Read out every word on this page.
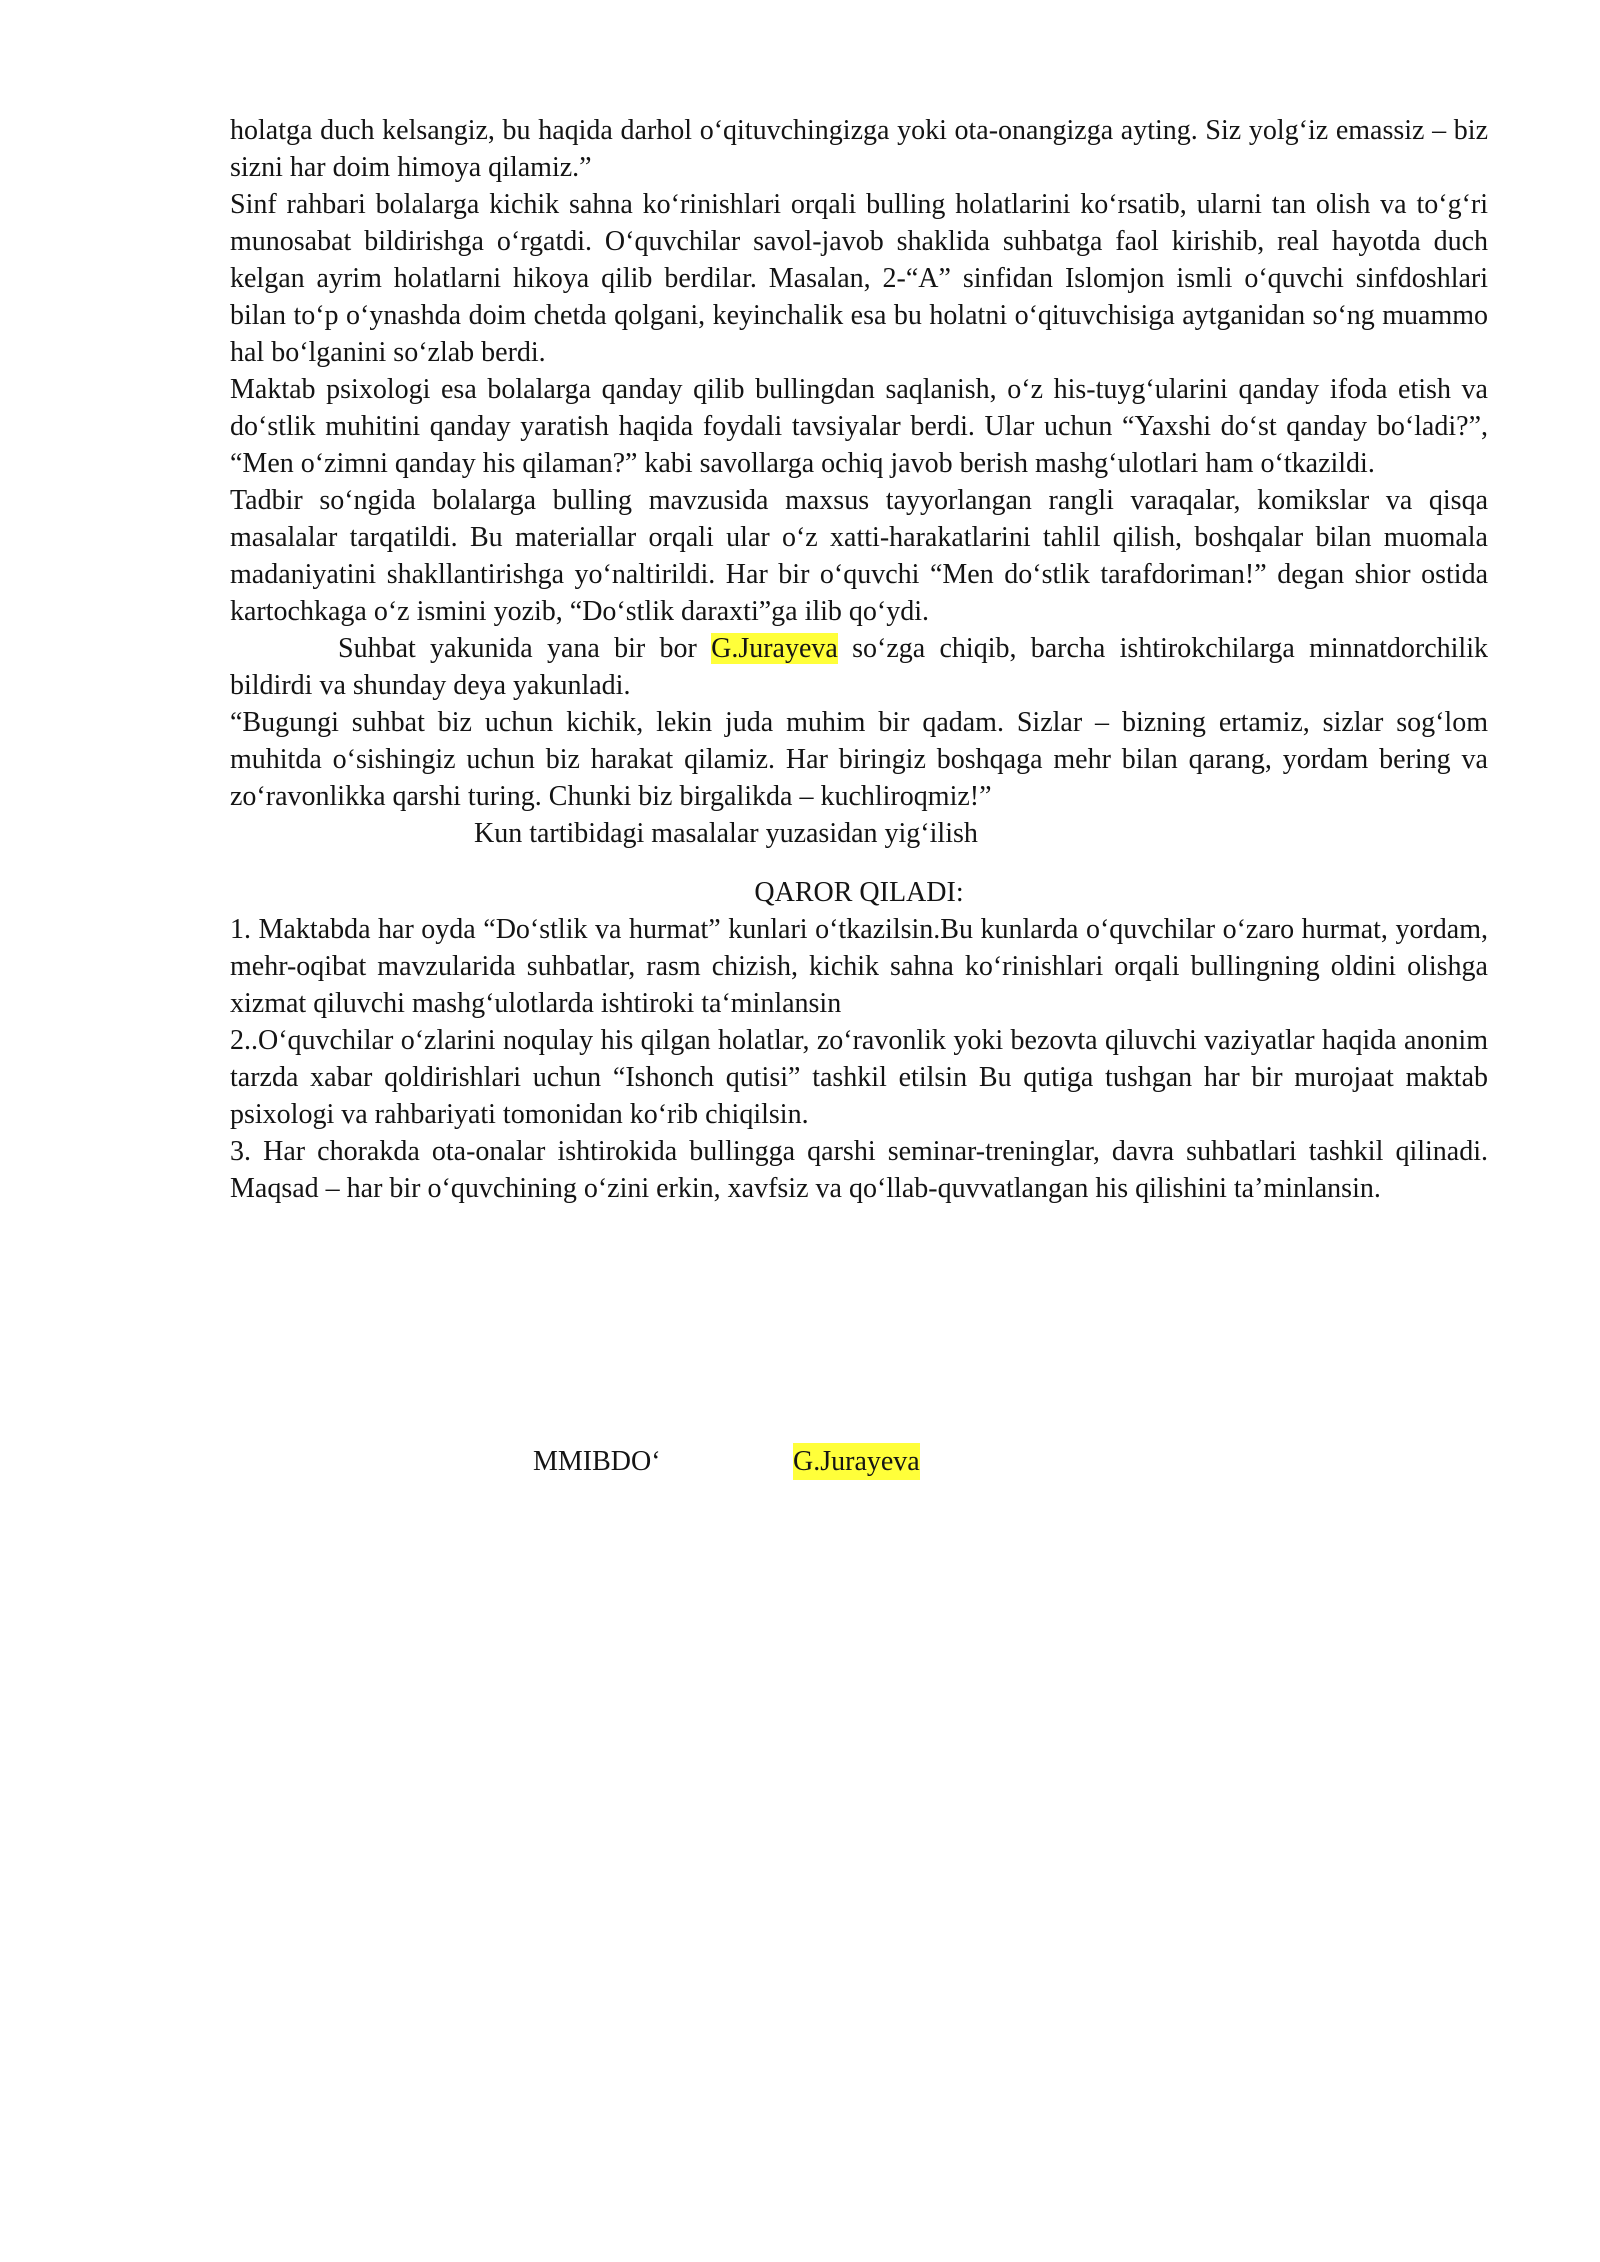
holatga duch kelsangiz, bu haqida darhol o‘qituvchingizga yoki ota-onangizga ayting. Siz yolg‘iz emassiz – biz sizni har doim himoya qilamiz.”

Sinf rahbari bolalarga kichik sahna ko‘rinishlari orqali bulling holatlarini ko‘rsatib, ularni tan olish va to‘g‘ri munosabat bildirishga o‘rgatdi. O‘quvchilar savol-javob shaklida suhbatga faol kirishib, real hayotda duch kelgan ayrim holatlarni hikoya qilib berdilar. Masalan, 2-“A” sinfidan Islomjon ismli o‘quvchi sinfdoshlari bilan to‘p o‘ynashda doim chetda qolgani, keyinchalik esa bu holatni o‘qituvchisiga aytganidan so‘ng muammo hal bo‘lganini so‘zlab berdi.

Maktab psixologi esa bolalarga qanday qilib bullingdan saqlanish, o‘z his-tuyg‘ularini qanday ifoda etish va do‘stlik muhitini qanday yaratish haqida foydali tavsiyalar berdi. Ular uchun “Yaxshi do‘st qanday bo‘ladi?”, “Men o‘zimni qanday his qilaman?” kabi savollarga ochiq javob berish mashg‘ulotlari ham o‘tkazildi.

Tadbir so‘ngida bolalarga bulling mavzusida maxsus tayyorlangan rangli varaqalar, komikslar va qisqa masalalar tarqatildi. Bu materiallar orqali ular o‘z xatti-harakatlarini tahlil qilish, boshqalar bilan muomala madaniyatini shakllantirishga yo‘naltirildi. Har bir o‘quvchi “Men do‘stlik tarafdoriman!” degan shior ostida kartochkaga o‘z ismini yozib, “Do‘stlik daraxti”ga ilib qo‘ydi.

Suhbat yakunida yana bir bor G.Jurayeva so‘zga chiqib, barcha ishtirokchilarga minnatdorchilik bildirdi va shunday deya yakunladi.

“Bugungi suhbat biz uchun kichik, lekin juda muhim bir qadam. Sizlar – bizning ertamiz, sizlar sog‘lom muhitda o‘sishingiz uchun biz harakat qilamiz. Har biringiz boshqaga mehr bilan qarang, yordam bering va zo‘ravonlikka qarshi turing. Chunki biz birgalikda – kuchliroqmiz!”

Kun tartibidagi masalalar yuzasidan yig‘ilish

QAROR QILADI:

1. Maktabda har oyda “Do‘stlik va hurmat” kunlari o‘tkazilsin.Bu kunlarda o‘quvchilar o‘zaro hurmat, yordam, mehr-oqibat mavzularida suhbatlar, rasm chizish, kichik sahna ko‘rinishlari orqali bullingning oldini olishga xizmat qiluvchi mashg‘ulotlarda ishtiroki ta‘minlansin

2..O‘quvchilar o‘zlarini noqulay his qilgan holatlar, zo‘ravonlik yoki bezovta qiluvchi vaziyatlar haqida anonim tarzda xabar qoldirishlari uchun “Ishonch qutisi” tashkil etilsin Bu qutiga tushgan har bir murojaat maktab psixologi va rahbariyati tomonidan ko‘rib chiqilsin.

3. Har chorakda ota-onalar ishtirokida bullingga qarshi seminar-treninglar, davra suhbatlari tashkil qilinadi. Maqsad – har bir o‘quvchining o‘zini erkin, xavfsiz va qo‘llab-quvvatlangan his qilishini ta’minlansin.

MMIBDO‘	G.Jurayeva
